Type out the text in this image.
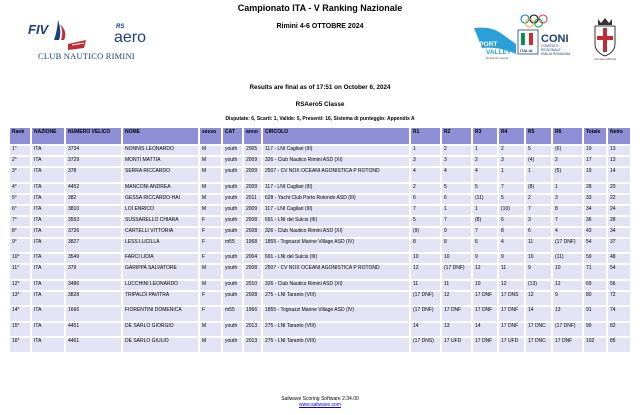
Campionato ITA - V Ranking Nazionale
Rimini 4-6 OTTOBRE 2024
FIV	RS
aero
CLUB NAUTICO RIMINI
SPORT
VALLEY
Emilia-Romagna
ITALIA
CONI
COMITATO
REGIONALE
EMILIA ROMAGNA
Comune di Rimini
Results are final as of 17:51 on October 6, 2024
RSAero5 Classe
Disputate: 6, Scarti: 1, Valide: 5, Presenti: 16, Sistema di punteggio: Appendix A
Rank	NAZIONE	NUMERO VELICO	NOME	sesso	CAT	anno	CIRCOLO	R1	R2	R3	R4	R5	R6	Totale	Netto
1°	ITA	3734	NONNIS LEONARDO	M	youth	2005	117 - LNI Cagliari (III)	1	2	1	2	5	(6)	19	13
2°	ITA	3729	MONTI MATTIA	M	youth	2009	326 - Club Nautico Rimini ASD (XI)	3	3	2	3	(4)	2	17	13
3°	ITA	378	SERRA RICCARDO	M	youth	2009	2507 - CV NOX OCEANI AGONISTICA P ROTOND	4	4	4	1	1	(5)	19	14
4°	ITA	4452	MANCONI ANDREA	M	youth	2009	117 - LNI Cagliari (III)	2	5	5	7	(8)	1	28	20
5°	ITA	382	GESSA RICCARDO-HAI	M	youth	2011	628 - Yacht Club Porto Rotondo ASD (III)	6	6	(11)	5	2	3	33	22
6°	ITA	3810	LOI ENRICO	M	youth	2009	117 - LNI Cagliari (III)	7	1	1	(10)	7	8	34	24
7°	ITA	3553	SUSSARELLO CHIARA	F	youth	2008	691 - LNI del Sulcis (III)	5	7	(8)	6	3	7	36	28
8°	ITA	3726	CARTELLI VITTORIA	F	youth	2008	326 - Club Nautico Rimini ASD (XI)	(9)	9	7	8	6	4	43	34
9°	ITA	3827	LESS LUCILLA	F	m55	1968	1855 - Tognazzi Marine Village ASD (IV)	8	8	6	4	11	(17 DNF)	54	37
10°	ITA	3549	FARCI LIDIA	F	youth	2004	691 - LNI del Sulcis (III)	10	10	9	9	10	(11)	59	48
11°	ITA	379	GARIPPA SALVATORE	M	youth	2008	2507 - CV NOX OCEANI AGONISTICA P ROTOND	12	(17 DNF)	12	11	9	10	71	54
12°	ITA	3486	LUCCHINI LEONARDO	M	youth	2010	326 - Club Nautico Rimini ASD (XI)	11	11	10	12	(13)	12	69	56
13°	ITA	3828	TRIPALDI PAVITRA	F	youth	2008	275 - LNI Taranto (VIII)	(17 DNF)	12	17 DNF	17 DNS	12	9	80	72
14°	ITA	1666	FIORENTINI DOMENICA	F	m55	1966	1855 - Tognazzi Marine Village ASD (IV)	(17 DNF)	17 DNF	17 DNF	17 DNF	14	13	91	74
15°	ITA	4451	DE SARLO GIORGIO	M	youth	2013	275 - LNI Taranto (VIII)	14	13	14	17 DNF	17 DNC	(17 DNF)	99	82
16°	ITA	4461	DE SARLO GIULIO	M	youth	2013	275 - LNI Taranto (VIII)	(17 DNS)	17 UFD	17 DNF	17 UFD	17 DNC	17 DNF	102	85
Sailwave Scoring Software 2.34.00
www.sailwave.com
